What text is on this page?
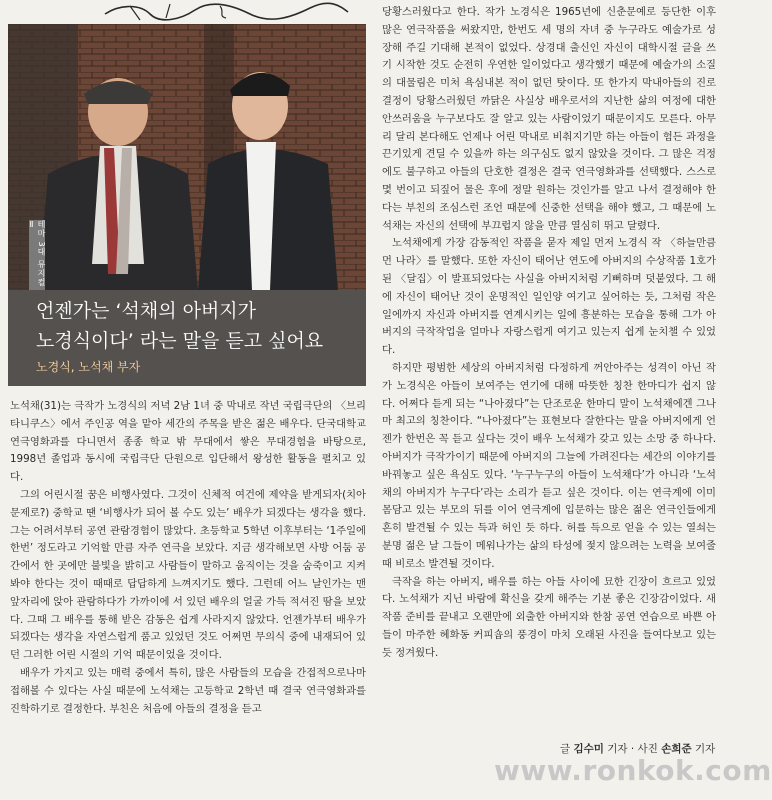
테마 3대 뮤지컬 Ⅱ
언젠가는 ‘석채의 아버지가
노경식이다’ 라는 말을 듣고 싶어요
노경식, 노석채 부자

노석채(31)는 극작가 노경식의 저녁 2남 1녀 중 막내로 작년 국립극단의 〈브리타니쿠스〉에서 주인공 역을 맡아 세간의 주목을 받은 젊은 배우다. 단국대학교 연극영화과를 다니면서 종종 학교 밖 무대에서 쌓은 무대경험을 바탕으로, 1998년 졸업과 동시에 국립극단 단원으로 입단해서 왕성한 활동을 펼치고 있다.

그의 어린시절 꿈은 비행사였다. 그것이 신체적 여건에 제약을 받게되자(치아 문제로?) 중학교 땐 ‘비행사가 되어 볼 수도 있는’ 배우가 되겠다는 생각을 했다. 그는 어려서부터 공연 관람경험이 많았다. 초등학교 5학년 이후부터는 ‘1주일에 한번’ 정도라고 기억할 만큼 자주 연극을 보았다. 지금 생각해보면 사방 어둠 공간에서 한 곳에만 불빛을 밝히고 사람들이 말하고 움직이는 것을 숨죽이고 지켜봐야 한다는 것이 때때로 답답하게 느껴지기도 했다. 그런데 어느 날인가는 맨 앞자리에 앉아 관람하다가 가까이에 서 있던 배우의 얼굴 가득 적셔진 땀을 보았다. 그때 그 배우를 통해 받은 감동은 쉽게 사라지지 않았다. 언젠가부터 배우가 되겠다는 생각을 자연스럽게 품고 있었던 것도 어쩌면 무의식 중에 내재되어 있던 그러한 어린 시절의 기억 때문이었을 것이다.

배우가 가지고 있는 매력 중에서 특히, 많은 사람들의 모습을 간접적으로나마 접해볼 수 있다는 사실 때문에 노석채는 고등학교 2학년 때 결국 연극영화과를 진학하기로 결정한다. 부친은 처음에 아들의 결정을 듣고

당황스러웠다고 한다. 작가 노경식은 1965년에 신춘문예로 등단한 이후 많은 연극작품을 써왔지만, 한번도 세 명의 자녀 중 누구라도 예술가로 성장해 주길 기대해 본적이 없었다. 상경대 출신인 자신이 대학시절 글을 쓰기 시작한 것도 순전히 우연한 일이었다고 생각했기 때문에 예술가의 소질의 대물림은 미처 욕심내본 적이 없던 탓이다. 또 한가지 막내아들의 진로결정이 당황스러웠던 까닭은 사실상 배우로서의 지난한 삶의 여정에 대한 안쓰러움을 누구보다도 잘 알고 있는 사람이었기 때문이지도 모른다. 아무리 달리 본다해도 언제나 어린 막내로 비춰지기만 하는 아들이 험든 과정을 끈기있게 견딜 수 있을까 하는 의구심도 없지 않았을 것이다. 그 많은 걱정에도 불구하고 아들의 단호한 결정은 결국 연극영화과를 선택했다. 스스로 몇 번이고 되짚어 물은 후에 정말 원하는 것인가를 알고 나서 결정해야 한다는 부친의 조심스런 조언 때문에 신중한 선택을 해야 했고, 그 때문에 노석채는 자신의 선택에 부끄럽지 않을 만큼 열심히 뛰고 달렸다.

노석채에게 가장 감동적인 작품을 묻자 제일 먼저 노경식 작 〈하늘만큼 먼 나라〉를 말했다. 또한 자신이 태어난 연도에 아버지의 수상작품 1호가 된 〈달집〉이 발표되었다는 사실을 아버지처럼 기뻐하며 덧붙였다. 그 해에 자신이 태어난 것이 운명적인 일인양 여기고 싶어하는 듯, 그처럼 작은 일에까지 자신과 아버지를 연계시키는 일에 흥분하는 모습을 통해 그가 아버지의 극작작업을 얼마나 자랑스럽게 여기고 있는지 쉽게 눈치챌 수 있었다.

하지만 평범한 세상의 아버지처럼 다정하게 꺼안아주는 성격이 아닌 작가 노경식은 아들이 보여주는 연기에 대해 따뜻한 칭찬 한마디가 쉽지 않다. 어쩌다 듣게 되는 “나아졌다”는 단조로운 한마디 말이 노석채에겐 그나마 최고의 칭찬이다. “나아졌다”는 표현보다 잘한다는 말을 아버지에게 언젠가 한번은 꼭 듣고 싶다는 것이 배우 노석채가 갖고 있는 소망 중 하나다. 아버지가 극작가이기 때문에 아버지의 그늘에 가려진다는 세간의 이야기를 바꿔놓고 싶은 욕심도 있다. ‘누구누구의 아들이 노석채다’가 아니라 ‘노석채의 아버지가 누구다’라는 소리가 듣고 싶은 것이다. 이는 연극계에 이미 몸담고 있는 부모의 뒤를 이어 연극계에 입문하는 많은 젊은 연극인들에게 흔히 발견될 수 있는 득과 허인 듯 하다. 허를 득으로 얻을 수 있는 열쇠는 분명 젊은 날 그들이 메워나가는 삶의 타성에 젖지 않으려는 노력을 보여줄 때 비로소 발견될 것이다.

극작을 하는 아버지, 배우를 하는 아들 사이에 묘한 긴장이 흐르고 있었다. 노석채가 지닌 바람에 확신을 갖게 해주는 기분 좋은 긴장감이었다. 새 작품 준비를 끝내고 오랜만에 외출한 아버지와 한참 공연 연습으로 바쁜 아들이 마주한 혜화동 커피숍의 풍경이 마치 오래된 사진을 들여다보고 있는 듯 정겨웠다.

글 김수미 기자 · 사진 손희준 기자
www.ronkok.com
